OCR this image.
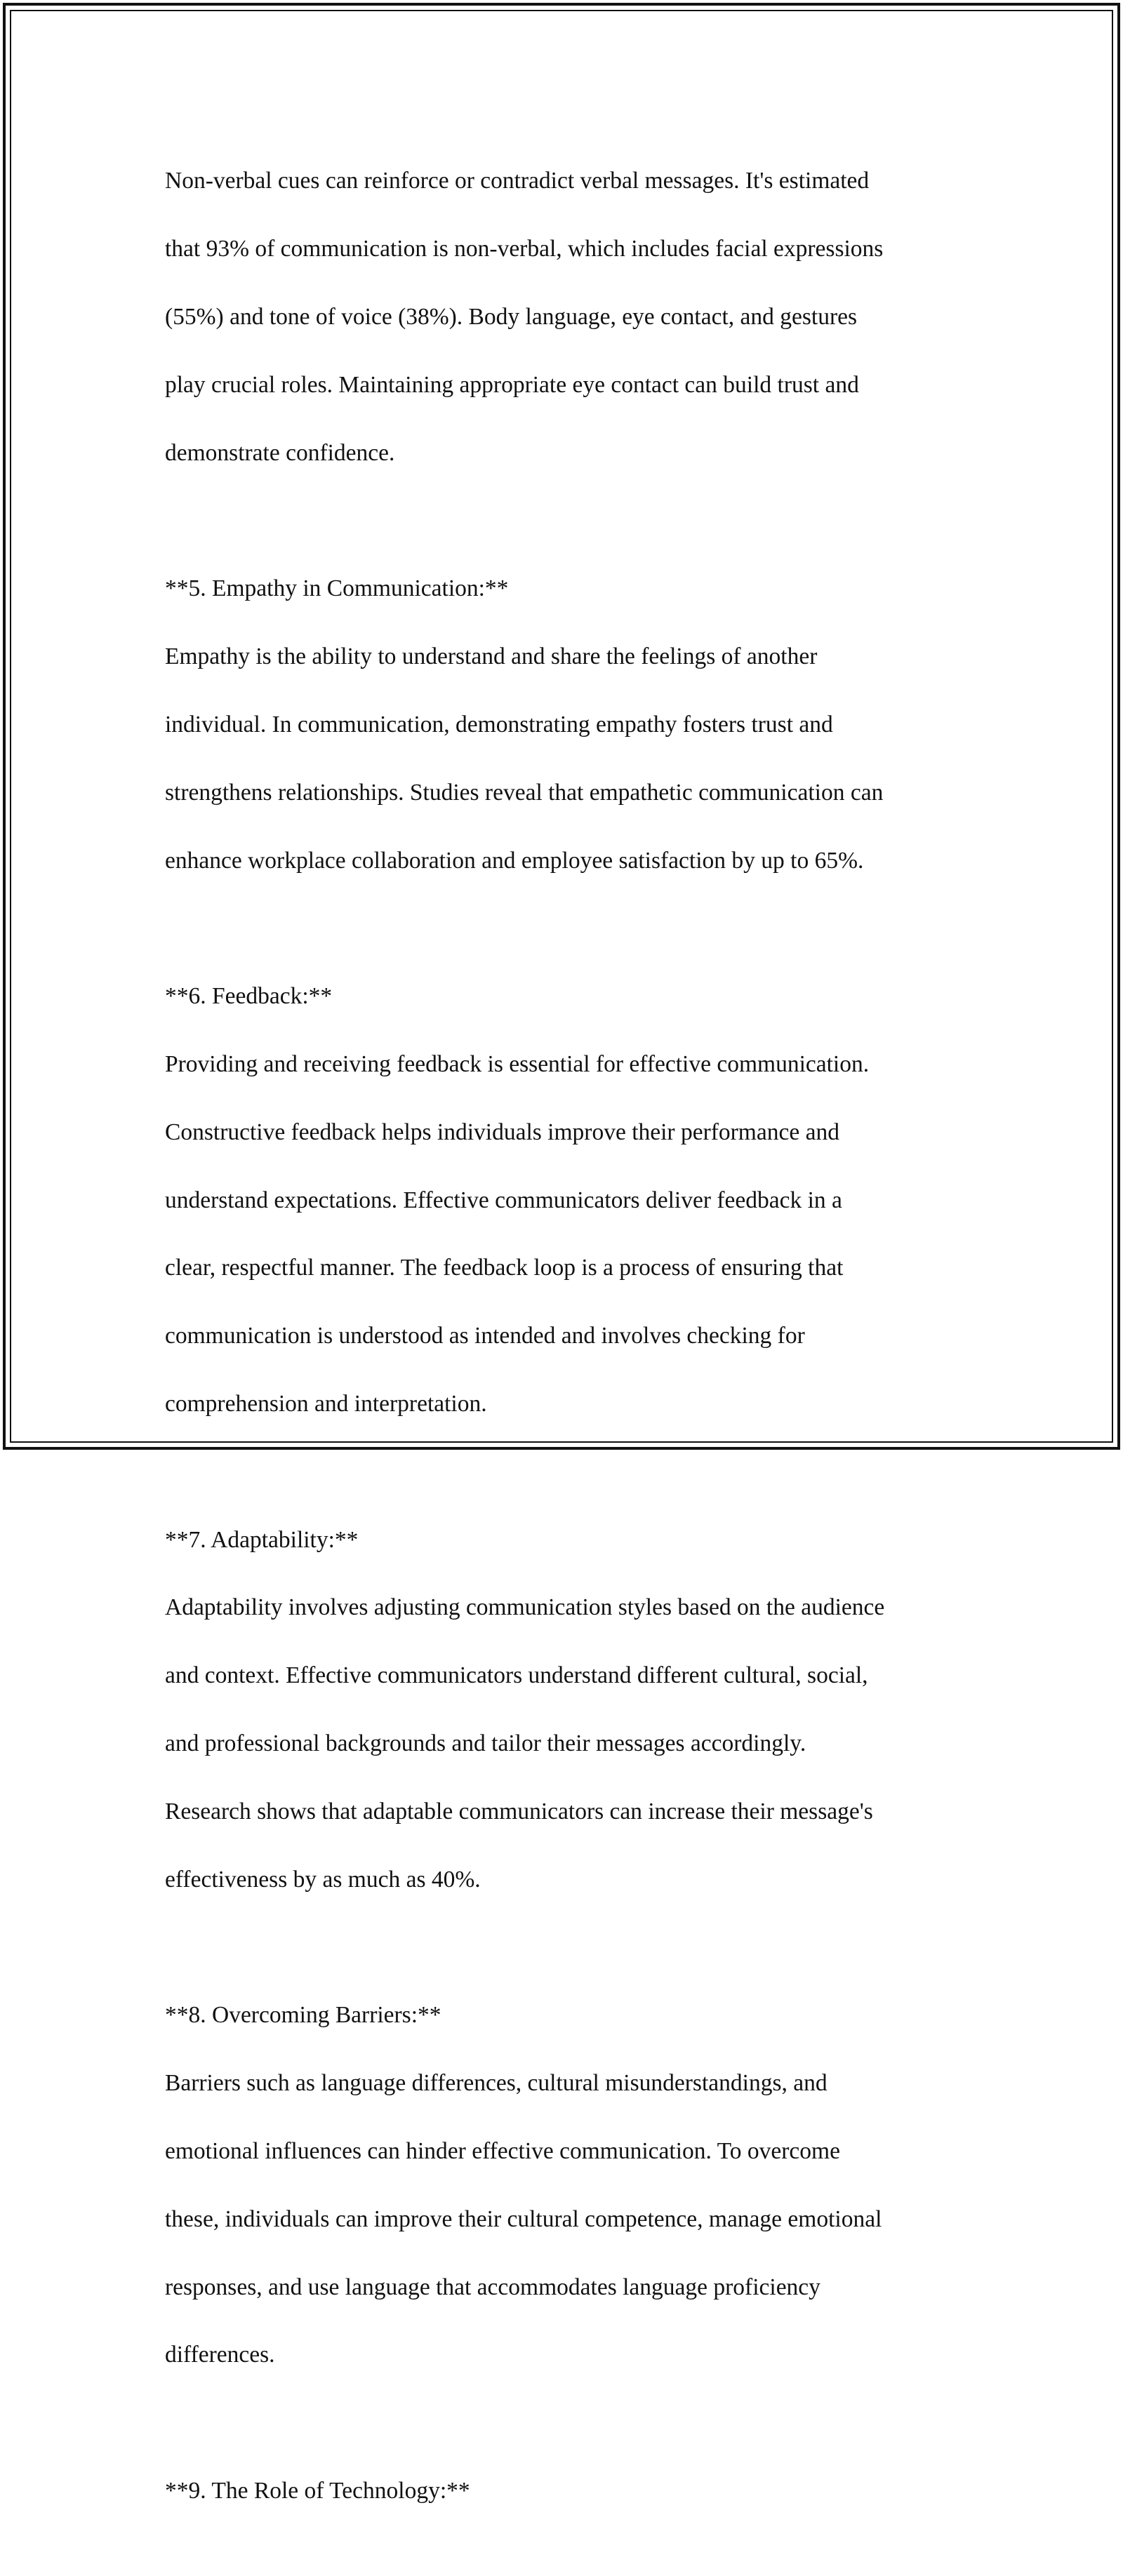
Non-verbal cues can reinforce or contradict verbal messages. It's estimated

that 93% of communication is non-verbal, which includes facial expressions

(55%) and tone of voice (38%). Body language, eye contact, and gestures

play crucial roles. Maintaining appropriate eye contact can build trust and

demonstrate confidence.

**5. Empathy in Communication:**

Empathy is the ability to understand and share the feelings of another

individual. In communication, demonstrating empathy fosters trust and

strengthens relationships. Studies reveal that empathetic communication can

enhance workplace collaboration and employee satisfaction by up to 65%.

**6. Feedback:**

Providing and receiving feedback is essential for effective communication.

Constructive feedback helps individuals improve their performance and

understand expectations. Effective communicators deliver feedback in a

clear, respectful manner. The feedback loop is a process of ensuring that

communication is understood as intended and involves checking for

comprehension and interpretation.

**7. Adaptability:**

Adaptability involves adjusting communication styles based on the audience

and context. Effective communicators understand different cultural, social,

and professional backgrounds and tailor their messages accordingly.

Research shows that adaptable communicators can increase their message's

effectiveness by as much as 40%.

**8. Overcoming Barriers:**

Barriers such as language differences, cultural misunderstandings, and

emotional influences can hinder effective communication. To overcome

these, individuals can improve their cultural competence, manage emotional

responses, and use language that accommodates language proficiency

differences.

**9. The Role of Technology:**
